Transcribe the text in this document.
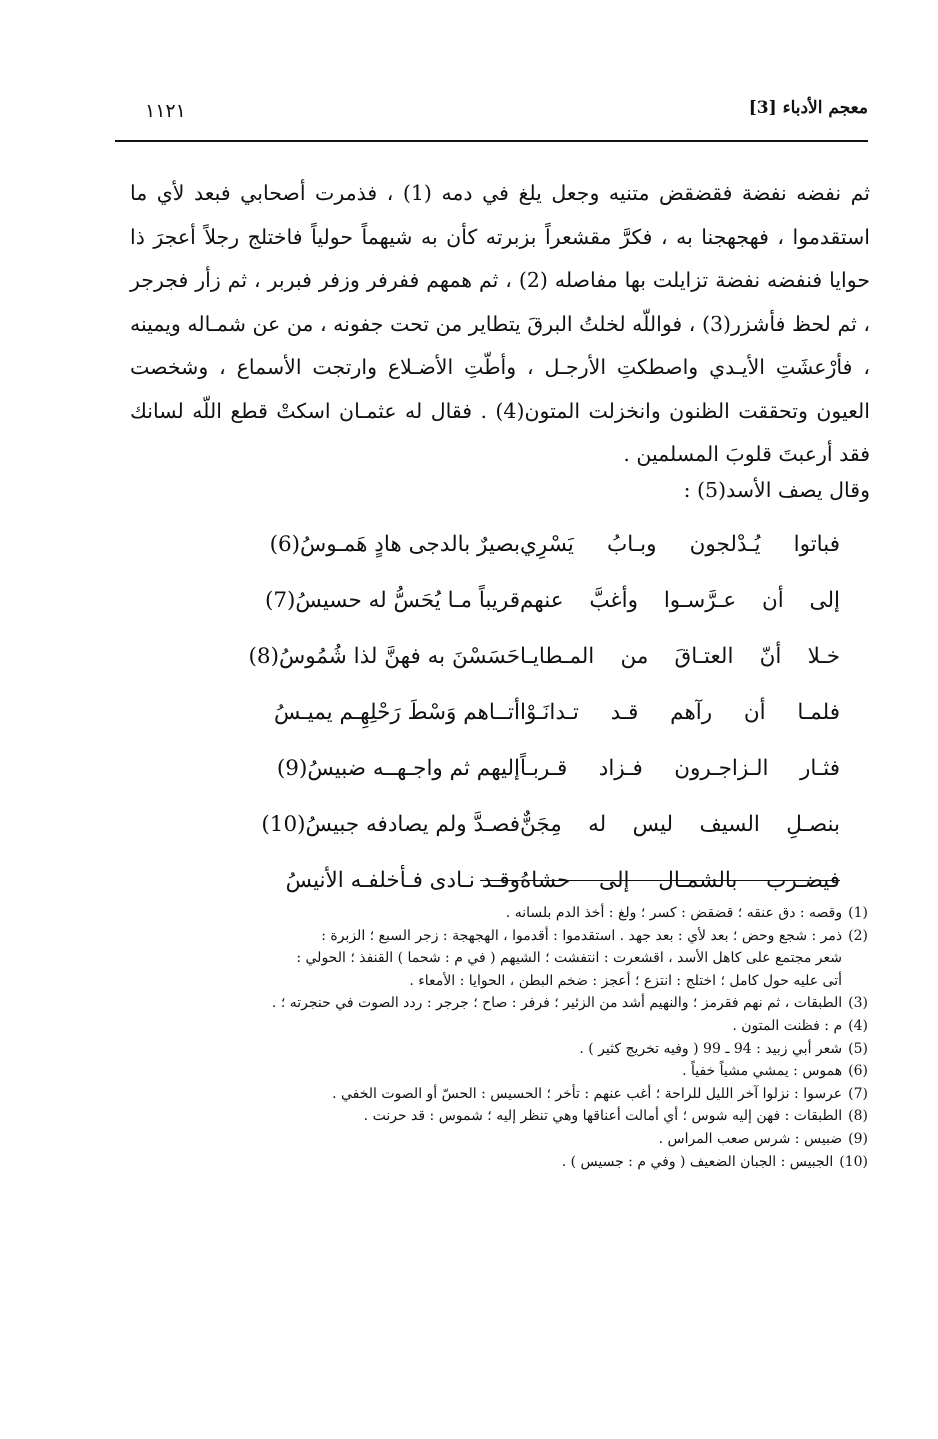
١١٢١	معجم الأدباء [3]

ثم نفضه نفضة فقضقض متنيه وجعل يلغ في دمه (1) ، فذمرت أصحابي فبعد لأي ما استقدموا ، فهجهجنا به ، فكرَّ مقشعراً بزبرته كأن به شيهماً حولياً فاختلج رجلاً أعجرَ ذا حوايا فنفضه نفضة تزايلت بها مفاصله (2) ، ثم همهم ففرفر وزفر فبربر ، ثم زأر فجرجر ، ثم لحظ فأشزر(3) ، فواللّه لخلتُ البرقَ يتطاير من تحت جفونه ، من عن شمـاله ويمينه ، فأرْعشَتِ الأيـدي واصطكتِ الأرجـل ، وأطّتِ الأضـلاع وارتجت الأسماع ، وشخصت العيون وتحققت الظنون وانخزلت المتون(4) . فقال له عثمـان اسكتْ قطع اللّه لسانك فقد أرعبتَ قلوبَ المسلمين .

وقال يصف الأسد(5) :
فباتوا يُـدْلجون وبـابُ يَسْرِي
بصيرٌ بالدجى هادٍ هَمـوسُ(6)
إلى أن عـرَّسـوا وأغبَّ عنهم
قريباً مـا يُحَسُّ له حسيسُ(7)
خـلا أنّ العتـاقَ من المـطايـا
حَسَسْنَ به فهنَّ لذا شُمُوسُ(8)
فلمـا أن رآهم قـد تـدانَـوْا
أتــاهم وَسْطَ رَحْلِهِـم يميـسُ
فثـار الـزاجـرون فـزاد قـربـاً
إليهم ثم واجـهــه ضبيسُ(9)
بنصـلِ السيف ليس له مِجَنٌّ
فصـدَّ ولم يصادفه جبيسُ(10)
فيضـرب بالشمـال إلى حشاهُ
وقـد نـادى فـأخلفـه الأنيسُ

(1)وقصه : دق عنقه ؛ قضقض : كسر ؛ ولغ : أخذ الدم بلسانه .

(2)ذمر : شجع وحض ؛ بعد لأي : بعد جهد . استقدموا : أقدموا ، الهجهجة : زجر السبع ؛ الزبرة :

شعر مجتمع على كاهل الأسد ، اقشعرت : انتفشت ؛ الشيهم ( في م : شحما ) القنفذ ؛ الحولي :

أتى عليه حول كامل ؛ اختلج : انتزع ؛ أعجز : ضخم البطن ، الحوايا : الأمعاء .

(3)الطبقات ، ثم نهم فقرمز ؛ والنهيم أشد من الزئير ؛ فرفر : صاح ؛ جرجر : ردد الصوت في حنجرته ؛ .

(4)م : فظنت المتون .

(5)شعر أبي زبيد : 94 ـ 99 ( وفيه تخريج كثير ) .

(6)هموس : يمشي مشياً خفياً .

(7)عرسوا : نزلوا آخر الليل للراحة ؛ أغب عنهم : تأخر ؛ الحسيس : الحسّ أو الصوت الخفي .

(8)الطبقات : فهن إليه شوس ؛ أي أمالت أعناقها وهي تنظر إليه ؛ شموس : قد حرنت .

(9)ضبيس : شرس صعب المراس .

(10)الجبيس : الجبان الضعيف ( وفي م : جسيس ) .
